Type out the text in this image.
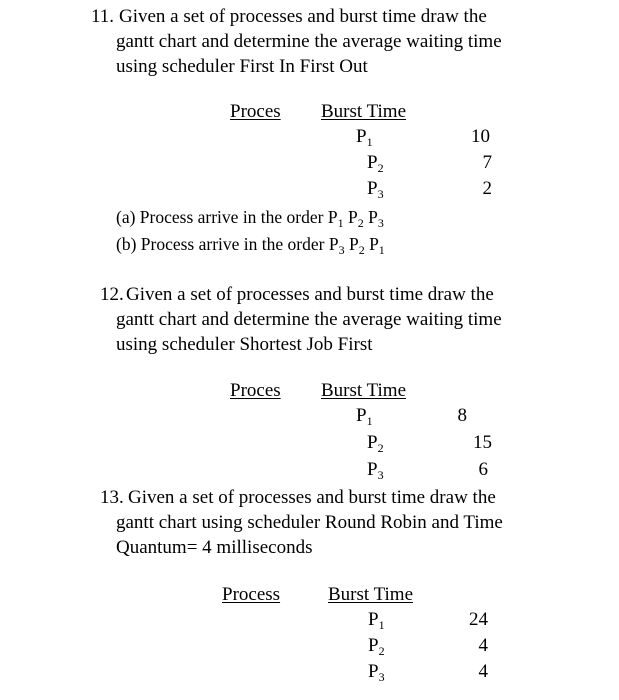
11. Given a set of processes and burst time draw the
gantt chart and determine the average waiting time
using scheduler First In First Out
Proces Burst Time
$P_1$	10
$P_2$	7
$P_3$	2
(a) Process arrive in the order $P_1$ $P_2$ $P_3$
(b) Process arrive in the order $P_3$ $P_2$ $P_1$
12. Given a set of processes and burst time draw the
gantt chart and determine the average waiting time
using scheduler Shortest Job First
Proces Burst Time
$P_1$	8
$P_2$	15
$P_3$	6
13. Given a set of processes and burst time draw the
gantt chart using scheduler Round Robin and Time
Quantum= 4 milliseconds
Process	Burst Time
$P_1$	24
$P_2$	4
$P_3$	4
